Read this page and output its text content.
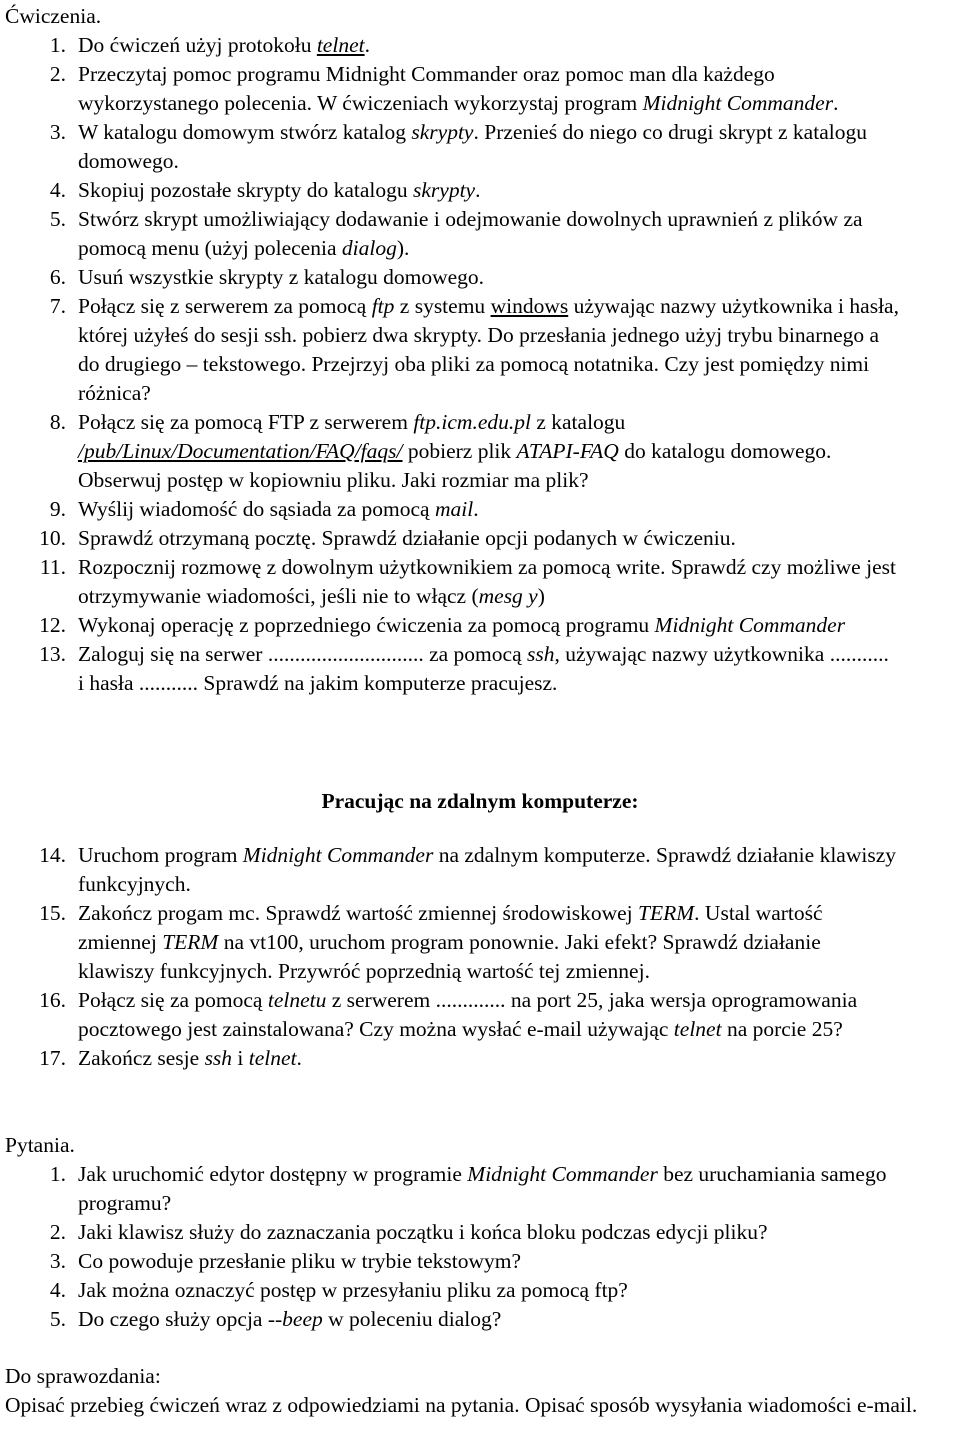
Ćwiczenia.
1. Do ćwiczeń użyj protokołu telnet.
2. Przeczytaj pomoc programu Midnight Commander oraz pomoc man dla każdego wykorzystanego polecenia. W ćwiczeniach wykorzystaj program Midnight Commander.
3. W katalogu domowym stwórz katalog skrypty. Przenieś do niego co drugi skrypt z katalogu domowego.
4. Skopiuj pozostałe skrypty do katalogu skrypty.
5. Stwórz skrypt umożliwiający dodawanie i odejmowanie dowolnych uprawnień z plików za pomocą menu (użyj polecenia dialog).
6. Usuń wszystkie skrypty z katalogu domowego.
7. Połącz się z serwerem za pomocą ftp z systemu windows używając nazwy użytkownika i hasła, której użyłeś do sesji ssh. pobierz dwa skrypty. Do przesłania jednego użyj trybu binarnego a do drugiego – tekstowego. Przejrzyj oba pliki za pomocą notatnika. Czy jest pomiędzy nimi różnica?
8. Połącz się za pomocą FTP z serwerem ftp.icm.edu.pl z katalogu /pub/Linux/Documentation/FAQ/faqs/ pobierz plik ATAPI-FAQ do katalogu domowego. Obserwuj postęp w kopiowniu pliku. Jaki rozmiar ma plik?
9. Wyślij wiadomość do sąsiada za pomocą mail.
10. Sprawdź otrzymaną pocztę. Sprawdź działanie opcji podanych w ćwiczeniu.
11. Rozpocznij rozmowę z dowolnym użytkownikiem za pomocą write. Sprawdź czy możliwe jest otrzymywanie wiadomości, jeśli nie to włącz (mesg y)
12. Wykonaj operację z poprzedniego ćwiczenia za pomocą programu Midnight Commander
13. Zaloguj się na serwer ............................. za pomocą ssh, używając nazwy użytkownika ........... i hasła ........... Sprawdź na jakim komputerze pracujesz.
Pracując na zdalnym komputerze:
14. Uruchom program Midnight Commander na zdalnym komputerze. Sprawdź działanie klawiszy funkcyjnych.
15. Zakończ progam mc. Sprawdź wartość zmiennej środowiskowej TERM. Ustal wartość zmiennej TERM na vt100, uruchom program ponownie. Jaki efekt? Sprawdź działanie klawiszy funkcyjnych. Przywróć poprzednią wartość tej zmiennej.
16. Połącz się za pomocą telnetu z serwerem ............. na port 25, jaka wersja oprogramowania pocztowego jest zainstalowana? Czy można wysłać e-mail używając telnet na porcie 25?
17. Zakończ sesje ssh i telnet.
Pytania.
1. Jak uruchomić edytor dostępny w programie Midnight Commander bez uruchamiania samego programu?
2. Jaki klawisz służy do zaznaczania początku i końca bloku podczas edycji pliku?
3. Co powoduje przesłanie pliku w trybie tekstowym?
4. Jak można oznaczyć postęp w przesyłaniu pliku za pomocą ftp?
5. Do czego służy opcja --beep w poleceniu dialog?
Do sprawozdania:
Opisać przebieg ćwiczeń wraz z odpowiedziami na pytania. Opisać sposób wysyłania wiadomości e-mail.
